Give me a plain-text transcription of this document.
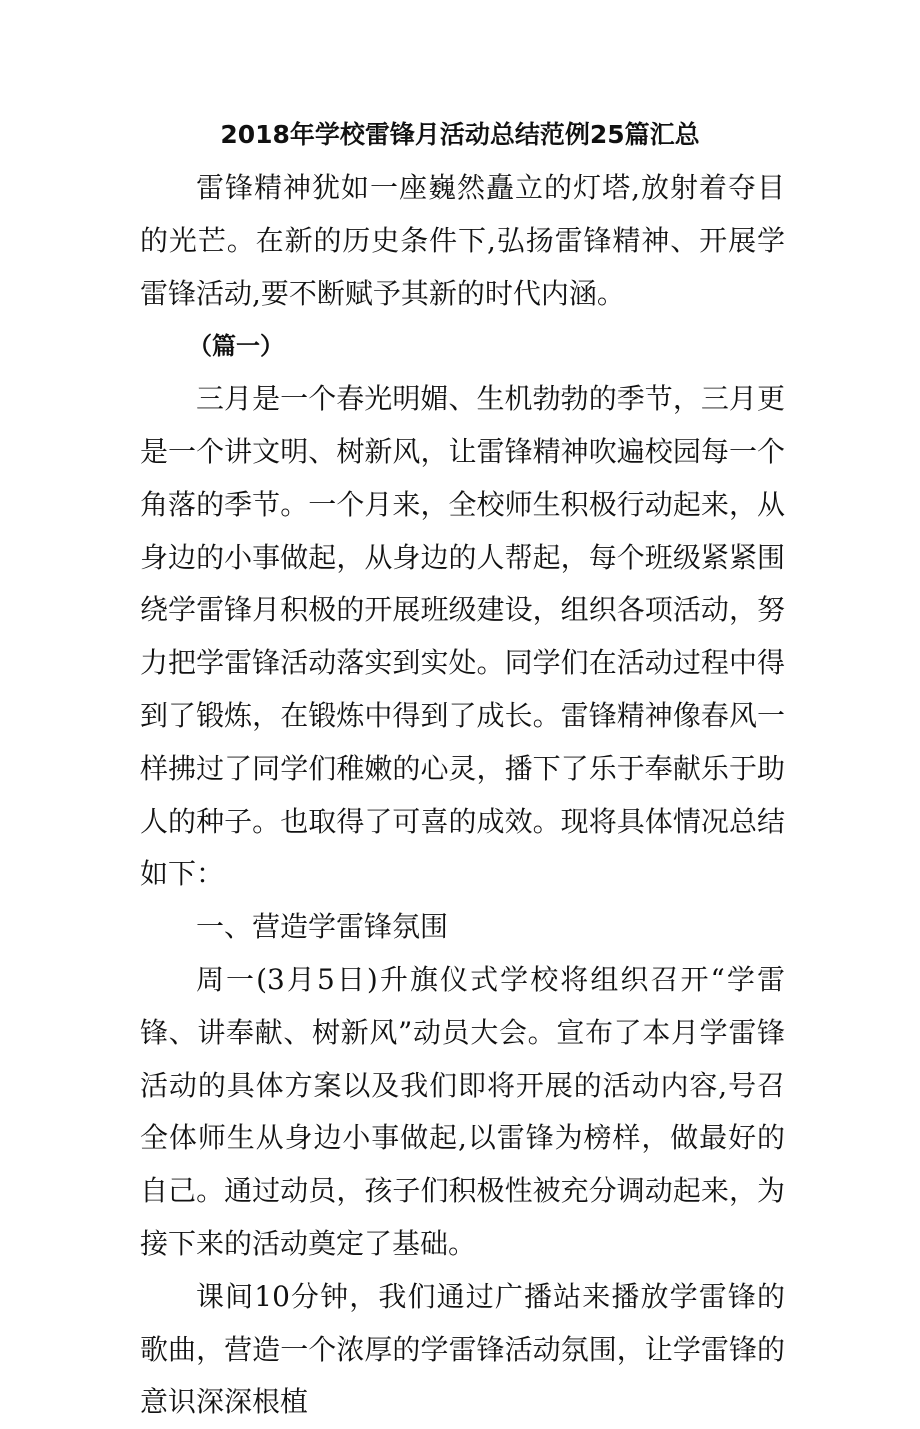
2018年学校雷锋月活动总结范例25篇汇总

雷锋精神犹如一座巍然矗立的灯塔,放射着夺目的光芒。在新的历史条件下,弘扬雷锋精神、开展学雷锋活动,要不断赋予其新的时代内涵。

（篇一）

三月是一个春光明媚、生机勃勃的季节，三月更是一个讲文明、树新风，让雷锋精神吹遍校园每一个角落的季节。一个月来，全校师生积极行动起来，从身边的小事做起，从身边的人帮起，每个班级紧紧围绕学雷锋月积极的开展班级建设，组织各项活动，努力把学雷锋活动落实到实处。同学们在活动过程中得到了锻炼，在锻炼中得到了成长。雷锋精神像春风一样拂过了同学们稚嫩的心灵，播下了乐于奉献乐于助人的种子。也取得了可喜的成效。现将具体情况总结如下：

一、营造学雷锋氛围

周一(3月5日)升旗仪式学校将组织召开“学雷锋、讲奉献、树新风”动员大会。宣布了本月学雷锋活动的具体方案以及我们即将开展的活动内容,号召全体师生从身边小事做起,以雷锋为榜样，做最好的自己。通过动员，孩子们积极性被充分调动起来，为接下来的活动奠定了基础。

课间10分钟，我们通过广播站来播放学雷锋的歌曲，营造一个浓厚的学雷锋活动氛围，让学雷锋的意识深深根植
